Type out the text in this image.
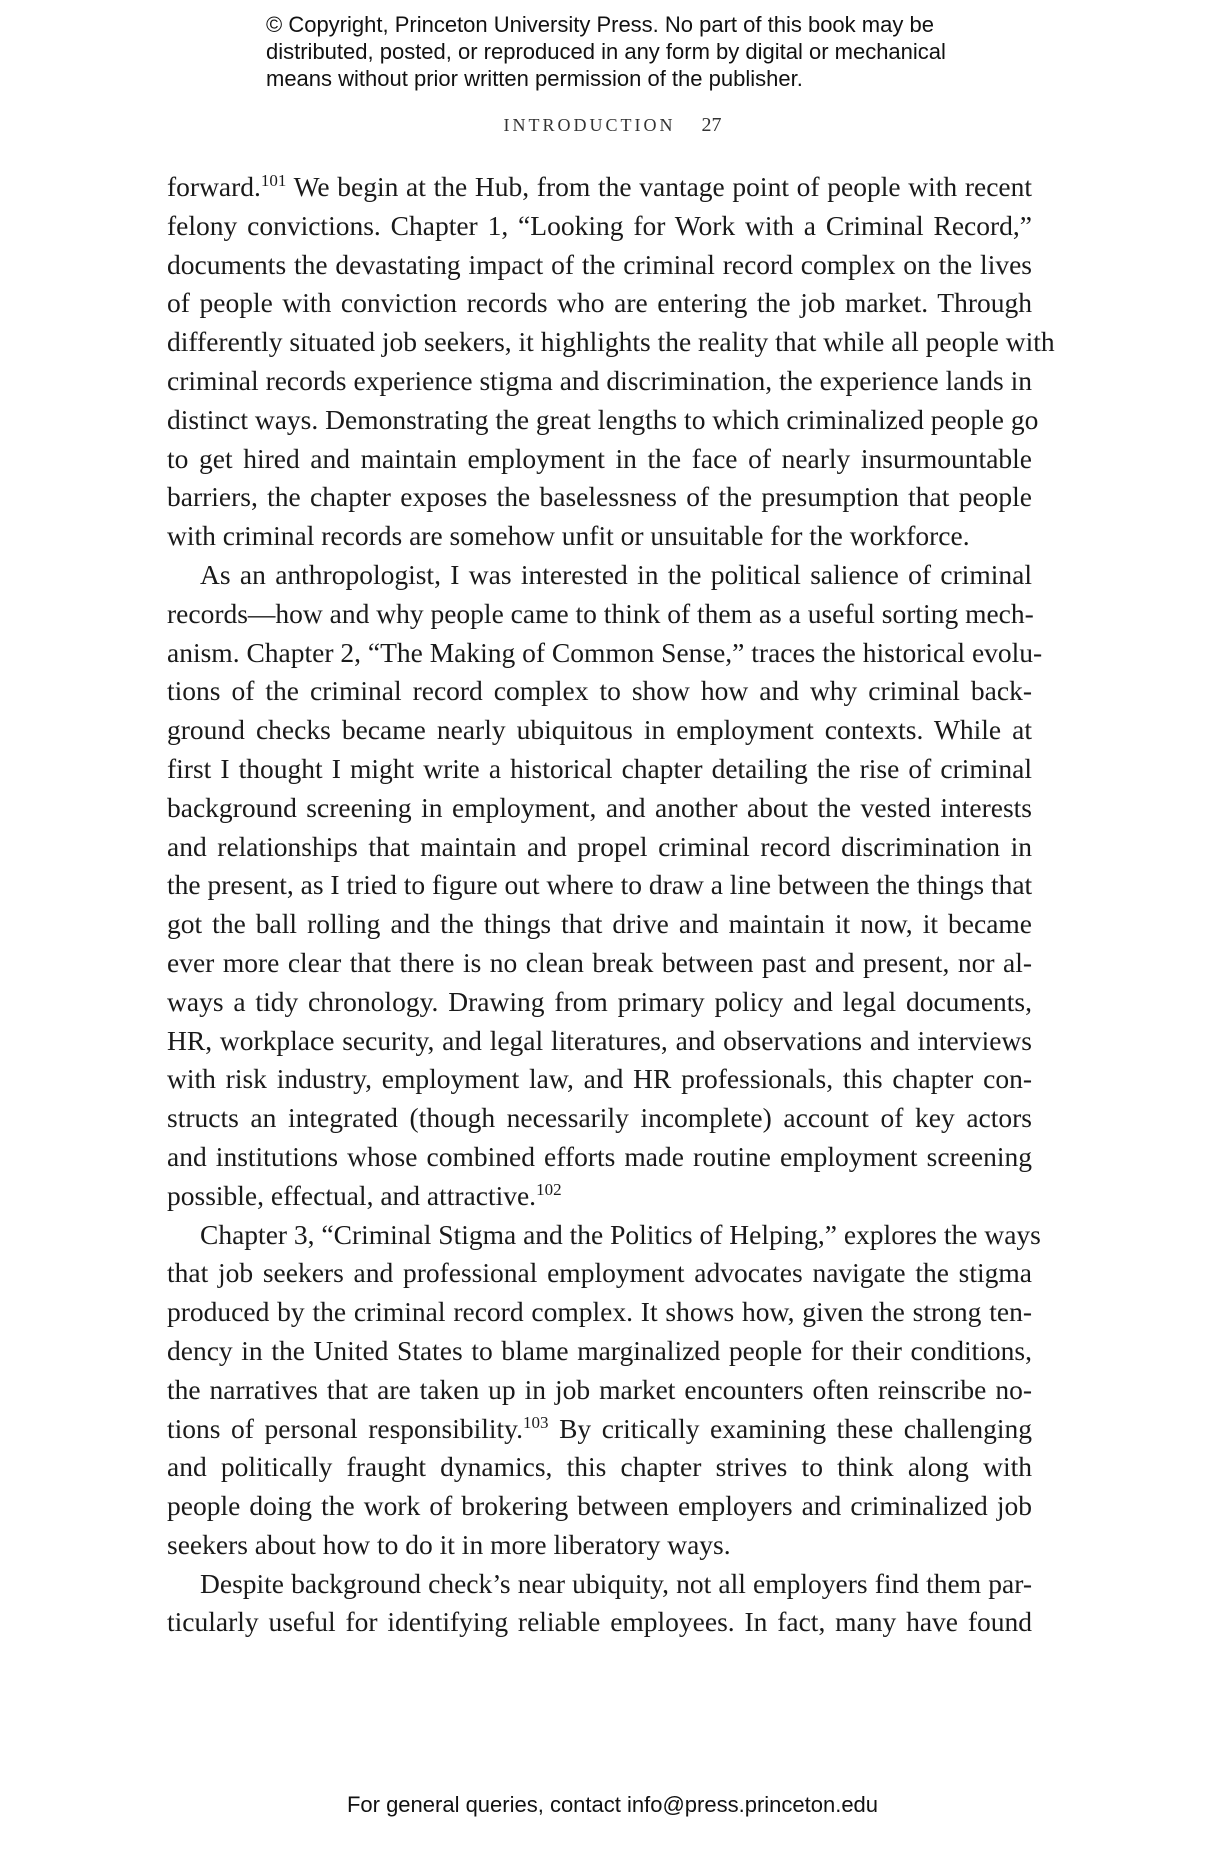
© Copyright, Princeton University Press. No part of this book may be
distributed, posted, or reproduced in any form by digital or mechanical
means without prior written permission of the publisher.
INTRODUCTION 27
forward.$^{101}$ We begin at the Hub, from the vantage point of people with recent
felony convictions. Chapter 1, “Looking for Work with a Criminal Record,”
documents the devastating impact of the criminal record complex on the lives
of people with conviction records who are entering the job market. Through
differently situated job seekers, it highlights the reality that while all people with
criminal records experience stigma and discrimination, the experience lands in
distinct ways. Demonstrating the great lengths to which criminalized people go
to get hired and maintain employment in the face of nearly insurmountable
barriers, the chapter exposes the baselessness of the presumption that people
with criminal records are somehow unfit or unsuitable for the workforce.
As an anthropologist, I was interested in the political salience of criminal
records—how and why people came to think of them as a useful sorting mech-
anism. Chapter 2, “The Making of Common Sense,” traces the historical evolu-
tions of the criminal record complex to show how and why criminal back-
ground checks became nearly ubiquitous in employment contexts. While at
first I thought I might write a historical chapter detailing the rise of criminal
background screening in employment, and another about the vested interests
and relationships that maintain and propel criminal record discrimination in
the present, as I tried to figure out where to draw a line between the things that
got the ball rolling and the things that drive and maintain it now, it became
ever more clear that there is no clean break between past and present, nor al-
ways a tidy chronology. Drawing from primary policy and legal documents,
HR, workplace security, and legal literatures, and observations and interviews
with risk industry, employment law, and HR professionals, this chapter con-
structs an integrated (though necessarily incomplete) account of key actors
and institutions whose combined efforts made routine employment screening
possible, effectual, and attractive.$^{102}$
Chapter 3, “Criminal Stigma and the Politics of Helping,” explores the ways
that job seekers and professional employment advocates navigate the stigma
produced by the criminal record complex. It shows how, given the strong ten-
dency in the United States to blame marginalized people for their conditions,
the narratives that are taken up in job market encounters often reinscribe no-
tions of personal responsibility.$^{103}$ By critically examining these challenging
and politically fraught dynamics, this chapter strives to think along with
people doing the work of brokering between employers and criminalized job
seekers about how to do it in more liberatory ways.
Despite background check’s near ubiquity, not all employers find them par-
ticularly useful for identifying reliable employees. In fact, many have found
For general queries, contact info@press.princeton.edu
